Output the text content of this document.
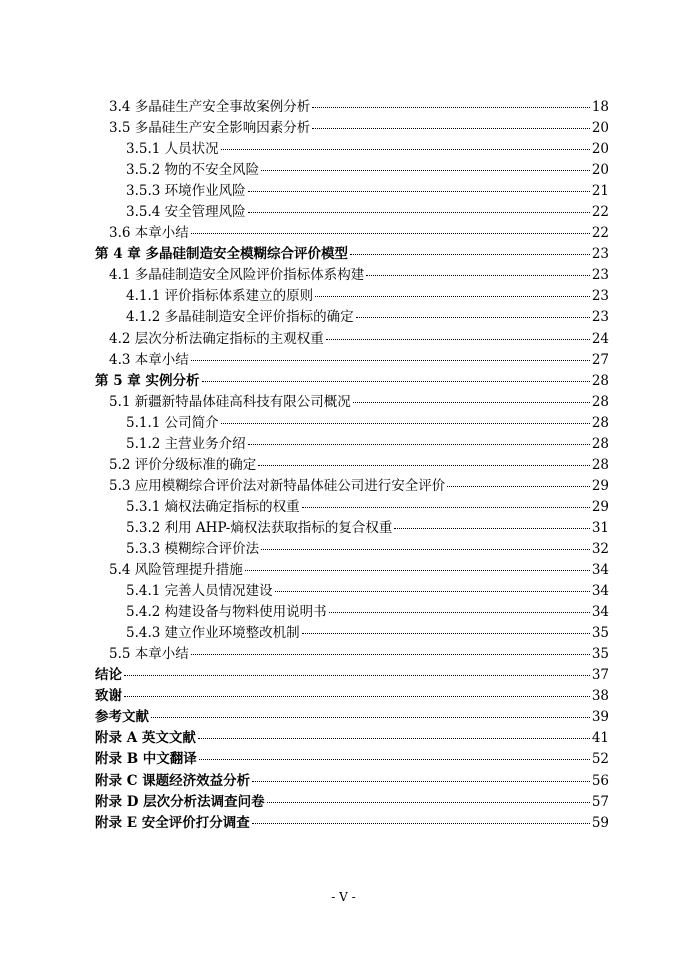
3.4 多晶硅生产安全事故案例分析	18
3.5 多晶硅生产安全影响因素分析	20
3.5.1 人员状况	20
3.5.2 物的不安全风险	20
3.5.3 环境作业风险	21
3.5.4 安全管理风险	22
3.6 本章小结	22
第 4 章 多晶硅制造安全模糊综合评价模型	23
4.1 多晶硅制造安全风险评价指标体系构建	23
4.1.1 评价指标体系建立的原则	23
4.1.2 多晶硅制造安全评价指标的确定	23
4.2 层次分析法确定指标的主观权重	24
4.3 本章小结	27
第 5 章 实例分析	28
5.1 新疆新特晶体硅高科技有限公司概况	28
5.1.1 公司简介	28
5.1.2 主营业务介绍	28
5.2 评价分级标准的确定	28
5.3 应用模糊综合评价法对新特晶体硅公司进行安全评价	29
5.3.1 熵权法确定指标的权重	29
5.3.2 利用 AHP-熵权法获取指标的复合权重	31
5.3.3 模糊综合评价法	32
5.4 风险管理提升措施	34
5.4.1 完善人员情况建设	34
5.4.2 构建设备与物料使用说明书	34
5.4.3 建立作业环境整改机制	35
5.5 本章小结	35
结论	37
致谢	38
参考文献	39
附录 A 英文文献	41
附录 B 中文翻译	52
附录 C 课题经济效益分析	56
附录 D 层次分析法调查问卷	57
附录 E 安全评价打分调查	59
- V -
